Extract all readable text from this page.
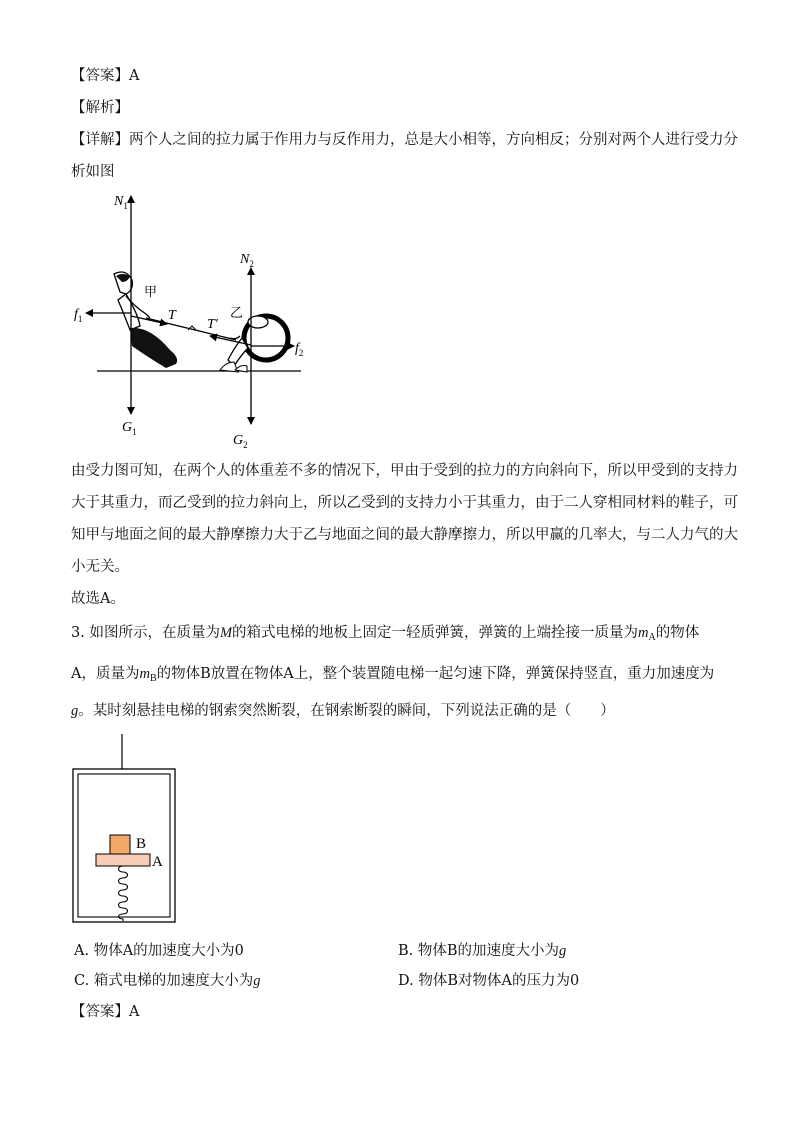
【答案】A
【解析】
【详解】两个人之间的拉力属于作用力与反作用力，总是大小相等，方向相反；分别对两个人进行受力分
析如图
$N_1$
$N_2$
$f_1$
$f_2$
$G_1$
$G_2$
T
T′
甲
乙
由受力图可知，在两个人的体重差不多的情况下，甲由于受到的拉力的方向斜向下，所以甲受到的支持力
大于其重力，而乙受到的拉力斜向上，所以乙受到的支持力小于其重力，由于二人穿相同材料的鞋子，可
知甲与地面之间的最大静摩擦力大于乙与地面之间的最大静摩擦力，所以甲赢的几率大，与二人力气的大
小无关。
故选A。
3. 如图所示，在质量为M的箱式电梯的地板上固定一轻质弹簧，弹簧的上端拴接一质量为$m_A$的物体
A，质量为$m_B$的物体B放置在物体A上，整个装置随电梯一起匀速下降，弹簧保持竖直，重力加速度为
g。某时刻悬挂电梯的钢索突然断裂，在钢索断裂的瞬间，下列说法正确的是（　　）
B
A
A. 物体A的加速度大小为0	B. 物体B的加速度大小为g
C. 箱式电梯的加速度大小为g	D. 物体B对物体A的压力为0
【答案】A
